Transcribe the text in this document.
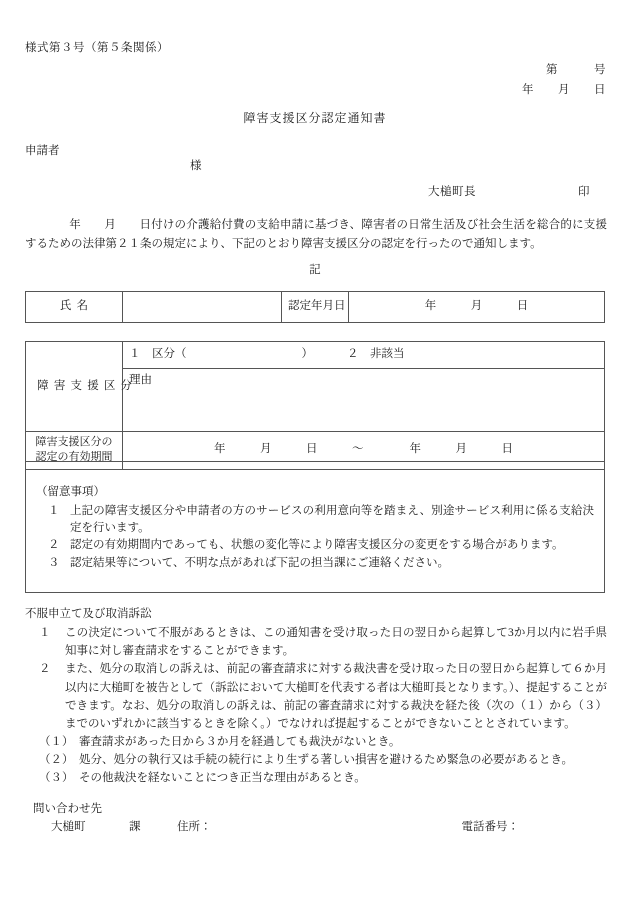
様式第３号（第５条関係）
第　　　号
年　　月　　日
障害支援区分認定通知書
申請者
様
大槌町長	印
年　　月　　日付けの介護給付費の支給申請に基づき、障害者の日常生活及び社会生活を総合的に支援するための法律第２１条の規定により、下記のとおり障害支援区分の認定を行ったので通知します。
記
氏名		認定年月日	年　　　月　　　日
障害支援区分	１　区分（　　　　　　　　　　） ２　非該当
	理由

障害支援区分の
認定の有効期間	年　　　月　　　日　　　〜　　　　年　　　月　　　日
（留意事項）
１ 上記の障害支援区分や申請者の方のサービスの利用意向等を踏まえ、別途サービス利用に係る支給決定を行います。
２ 認定の有効期間内であっても、状態の変化等により障害支援区分の変更をする場合があります。
３ 認定結果等について、不明な点があれば下記の担当課にご連絡ください。
不服申立て及び取消訴訟
１	この決定について不服があるときは、この通知書を受け取った日の翌日から起算して3か月以内に岩手県知事に対し審査請求をすることができます。
２	また、処分の取消しの訴えは、前記の審査請求に対する裁決書を受け取った日の翌日から起算して６か月以内に大槌町を被告として（訴訟において大槌町を代表する者は大槌町長となります。）、提起することができます。なお、処分の取消しの訴えは、前記の審査請求に対する裁決を経た後（次の（１）から（３）までのいずれかに該当するときを除く。）でなければ提起することができないこととされています。
（１） 審査請求があった日から３か月を経過しても裁決がないとき。
（２） 処分、処分の執行又は手続の続行により生ずる著しい損害を避けるため緊急の必要があるとき。
（３） その他裁決を経ないことにつき正当な理由があるとき。
問い合わせ先
大槌町	課	住所：	電話番号：
